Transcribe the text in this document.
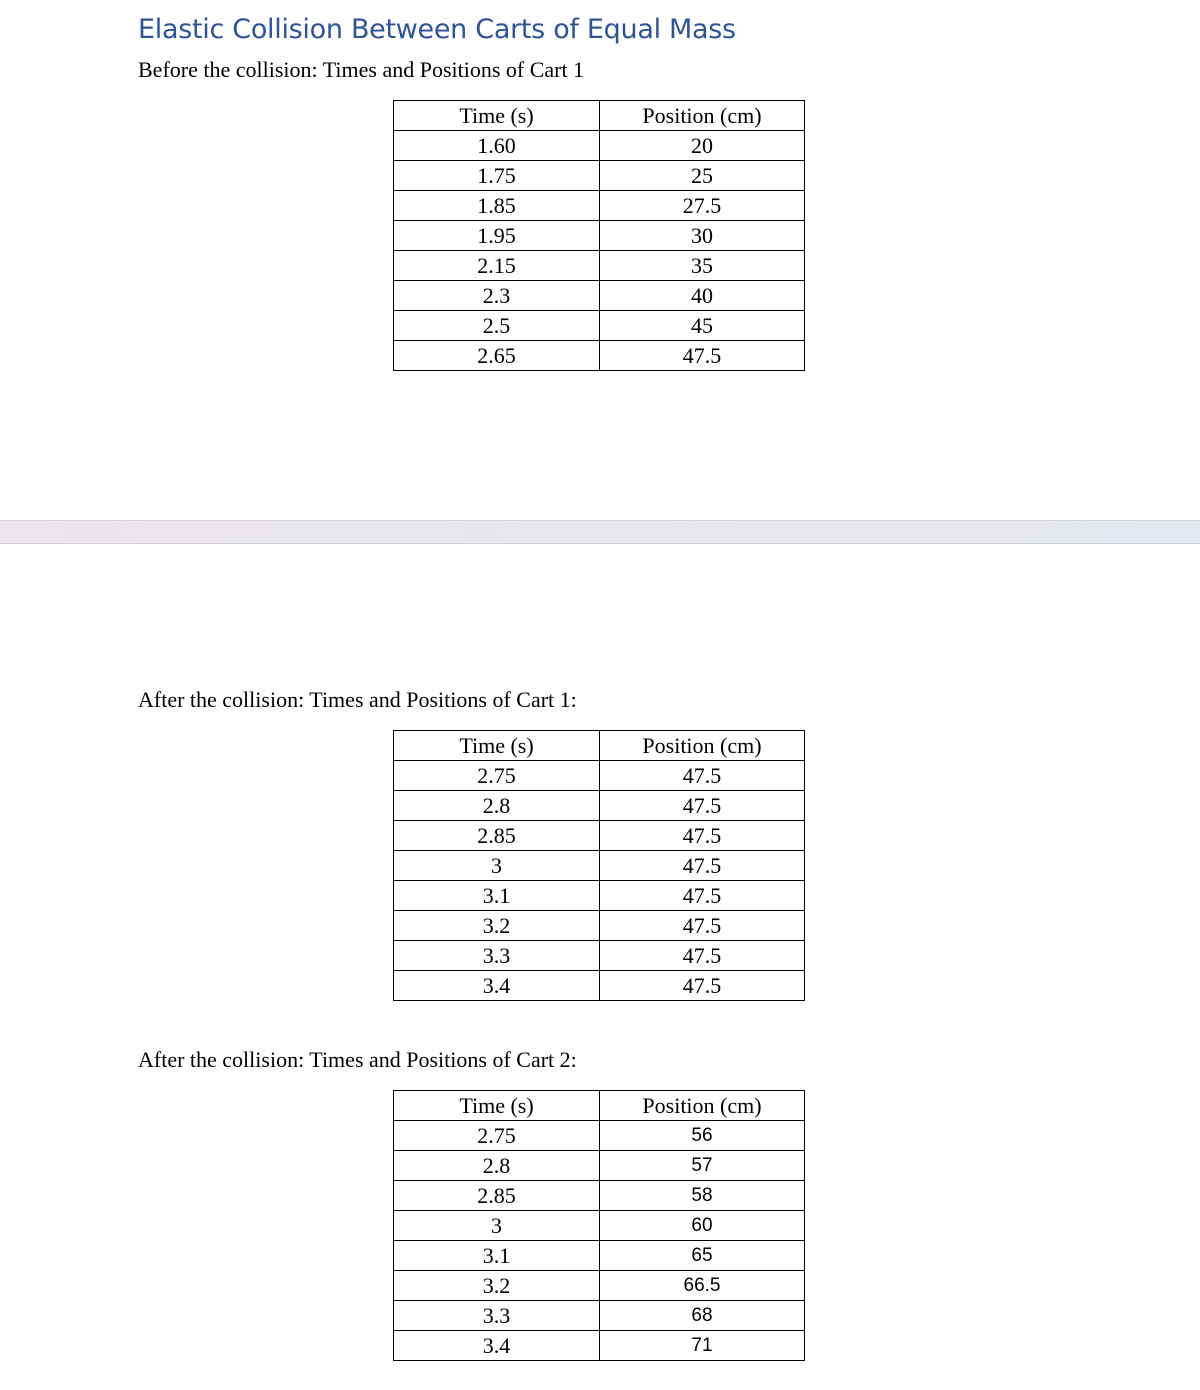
Elastic Collision Between Carts of Equal Mass

Before the collision: Times and Positions of Cart 1

Time (s)	Position (cm)
1.60	20
1.75	25
1.85	27.5
1.95	30
2.15	35
2.3	40
2.5	45
2.65	47.5

After the collision: Times and Positions of Cart 1:

Time (s)	Position (cm)
2.75	47.5
2.8	47.5
2.85	47.5
3	47.5
3.1	47.5
3.2	47.5
3.3	47.5
3.4	47.5

After the collision: Times and Positions of Cart 2:

Time (s)	Position (cm)
2.75	56
2.8	57
2.85	58
3	60
3.1	65
3.2	66.5
3.3	68
3.4	71
